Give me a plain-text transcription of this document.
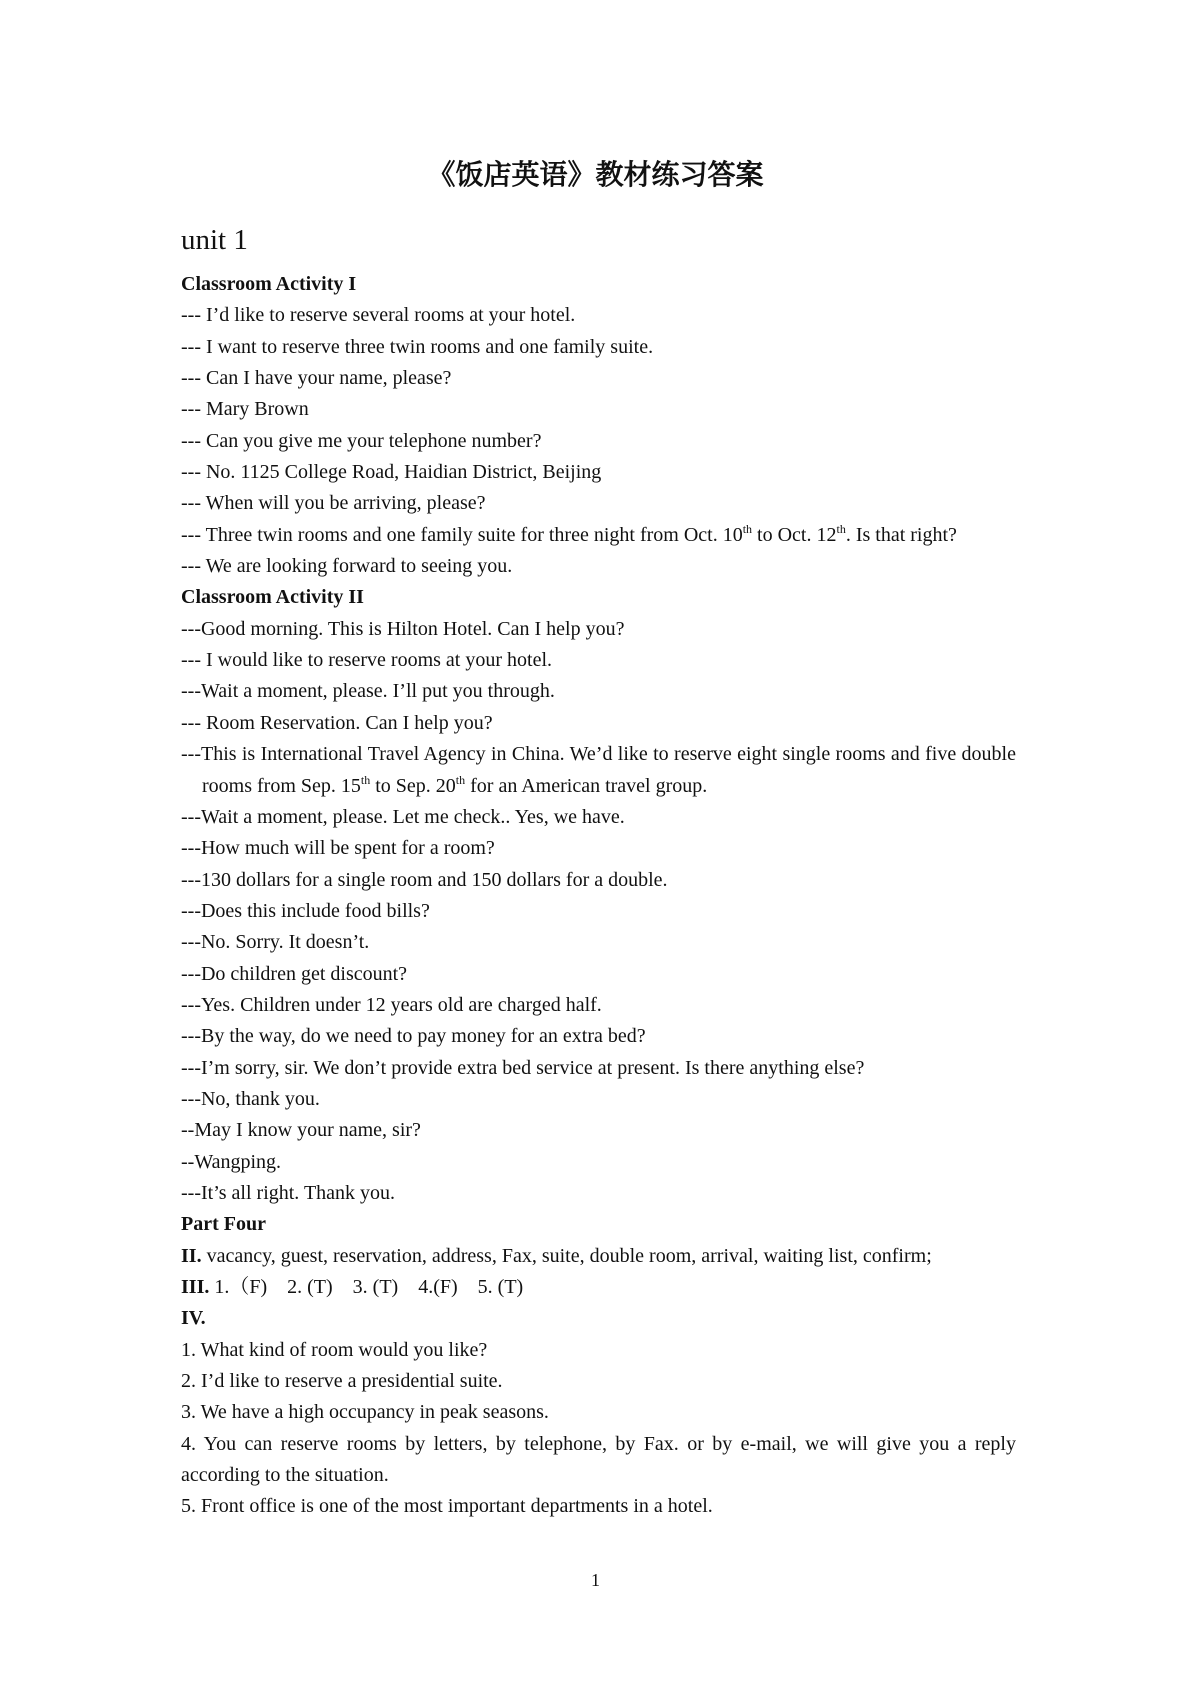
《饭店英语》教材练习答案
unit 1
Classroom Activity I
--- I’d like to reserve several rooms at your hotel.
--- I want to reserve three twin rooms and one family suite.
--- Can I have your name, please?
--- Mary Brown
--- Can you give me your telephone number?
--- No. 1125 College Road, Haidian District, Beijing
--- When will you be arriving, please?
--- Three twin rooms and one family suite for three night from Oct. 10th to Oct. 12th. Is that right?
--- We are looking forward to seeing you.
Classroom Activity II
---Good morning. This is Hilton Hotel. Can I help you?
--- I would like to reserve rooms at your hotel.
---Wait a moment, please. I’ll put you through.
--- Room Reservation. Can I help you?
---This is International Travel Agency in China. We’d like to reserve eight single rooms and five double rooms from Sep. 15th to Sep. 20th for an American travel group.
---Wait a moment, please. Let me check.. Yes, we have.
---How much will be spent for a room?
---130 dollars for a single room and 150 dollars for a double.
---Does this include food bills?
---No. Sorry. It doesn’t.
---Do children get discount?
---Yes. Children under 12 years old are charged half.
---By the way, do we need to pay money for an extra bed?
---I’m sorry, sir. We don’t provide extra bed service at present. Is there anything else?
---No, thank you.
--May I know your name, sir?
--Wangping.
---It’s all right. Thank you.
Part Four
II. vacancy, guest, reservation, address, Fax, suite, double room, arrival, waiting list, confirm;
III. 1.（F)    2. (T)    3. (T)    4.(F)    5. (T)
IV.
1. What kind of room would you like?
2. I’d like to reserve a presidential suite.
3. We have a high occupancy in peak seasons.
4. You can reserve rooms by letters, by telephone, by Fax. or by e-mail, we will give you a reply according to the situation.
5. Front office is one of the most important departments in a hotel.
1
